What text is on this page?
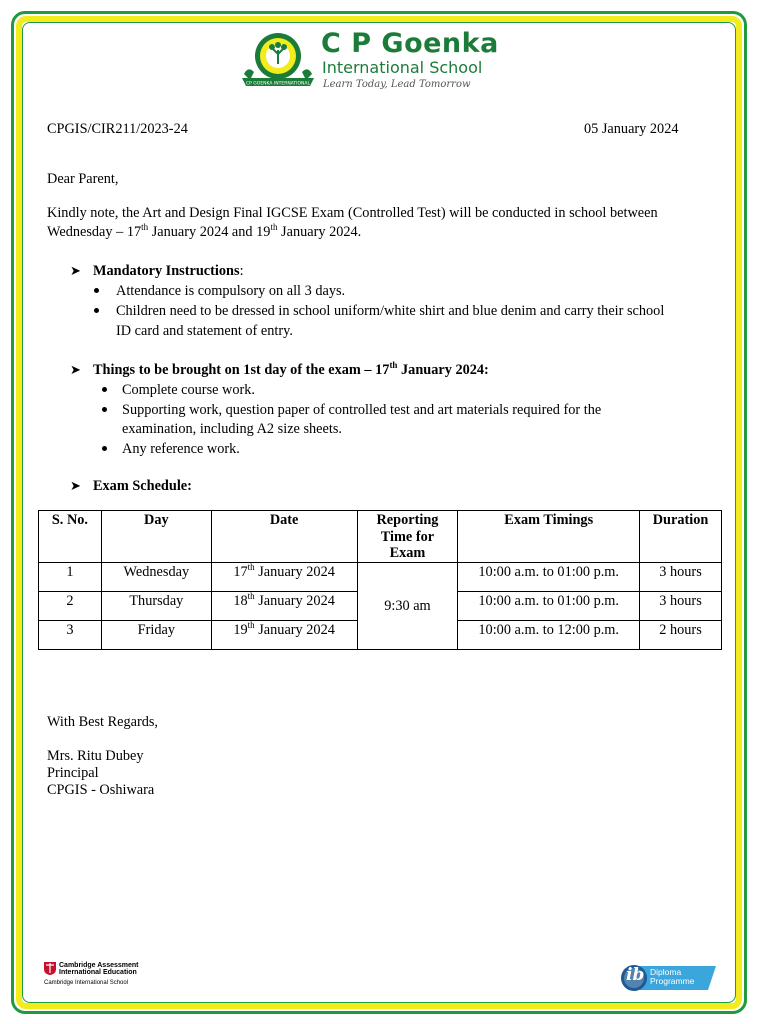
CP GOENKA INTERNATIONAL
C P Goenka
International School
Learn Today, Lead Tomorrow
CPGIS/CIR211/2023-24	05 January 2024
Dear Parent,
Kindly note, the Art and Design Final IGCSE Exam (Controlled Test) will be conducted in school between
Wednesday – 17th January 2024 and 19th January 2024.
➤ Mandatory Instructions:
Attendance is compulsory on all 3 days.
Children need to be dressed in school uniform/white shirt and blue denim and carry their school
ID card and statement of entry.
➤ Things to be brought on 1st day of the exam – 17th January 2024:
Complete course work.
Supporting work, question paper of controlled test and art materials required for the
examination, including A2 size sheets.
Any reference work.
➤ Exam Schedule:
S. No.	Day	Date	Reporting
Time for
Exam	Exam Timings	Duration
1	Wednesday	17th January 2024	9:30 am	10:00 a.m. to 01:00 p.m.	3 hours
2	Thursday	18th January 2024		10:00 a.m. to 01:00 p.m.	3 hours
3	Friday	19th January 2024		10:00 a.m. to 12:00 p.m.	2 hours
With Best Regards,
Mrs. Ritu Dubey
Principal
CPGIS - Oshiwara
Cambridge Assessment
International Education
Cambridge International School	ib Diploma
Programme
